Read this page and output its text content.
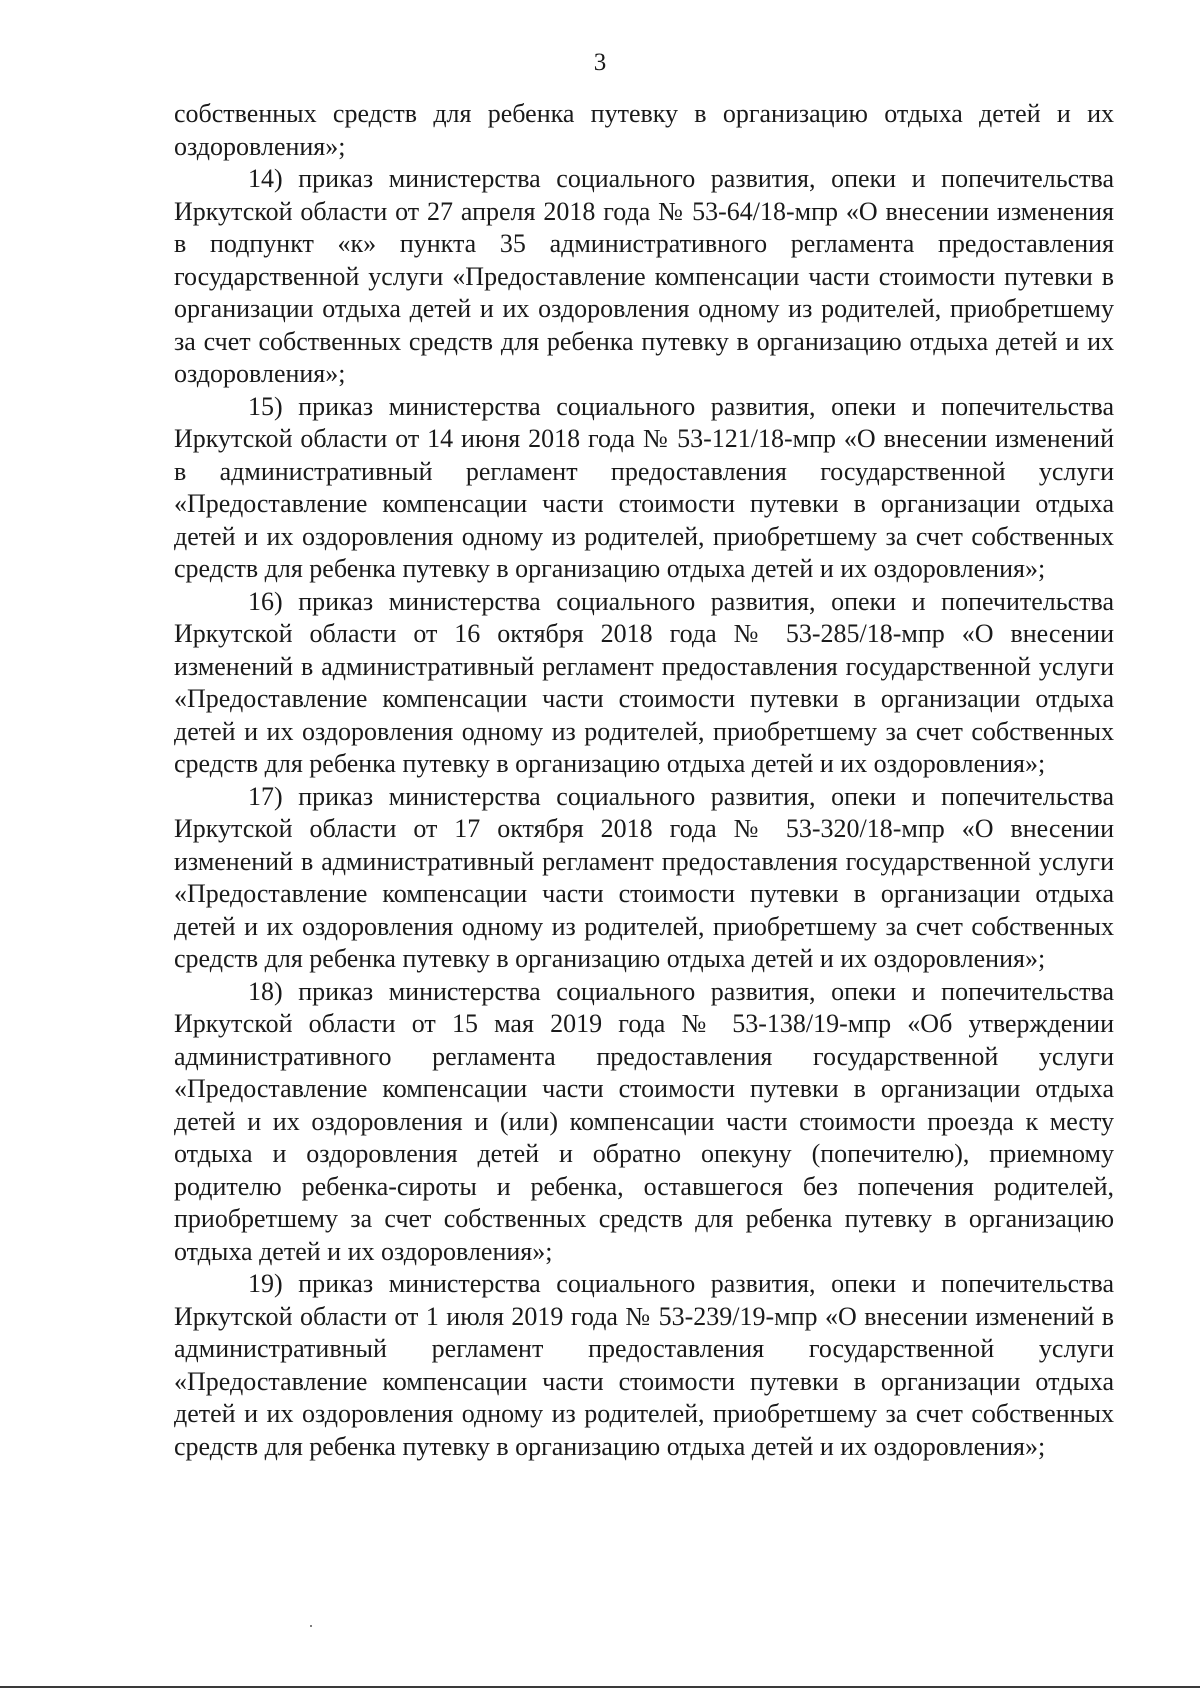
3

собственных средств для ребенка путевку в организацию отдыха детей и их оздоровления»;

14) приказ министерства социального развития, опеки и попечительства Иркутской области от 27 апреля 2018 года № 53-64/18-мпр «О внесении изменения в подпункт «к» пункта 35 административного регламента предоставления государственной услуги «Предоставление компенсации части стоимости путевки в организации отдыха детей и их оздоровления одному из родителей, приобретшему за счет собственных средств для ребенка путевку в организацию отдыха детей и их оздоровления»;

15) приказ министерства социального развития, опеки и попечительства Иркутской области от 14 июня 2018 года № 53-121/18-мпр «О внесении изменений в административный регламент предоставления государственной услуги «Предоставление компенсации части стоимости путевки в организации отдыха детей и их оздоровления одному из родителей, приобретшему за счет собственных средств для ребенка путевку в организацию отдыха детей и их оздоровления»;

16) приказ министерства социального развития, опеки и попечительства Иркутской области от 16 октября 2018 года № 53-285/18-мпр «О внесении изменений в административный регламент предоставления государственной услуги «Предоставление компенсации части стоимости путевки в организации отдыха детей и их оздоровления одному из родителей, приобретшему за счет собственных средств для ребенка путевку в организацию отдыха детей и их оздоровления»;

17) приказ министерства социального развития, опеки и попечительства Иркутской области от 17 октября 2018 года № 53-320/18-мпр «О внесении изменений в административный регламент предоставления государственной услуги «Предоставление компенсации части стоимости путевки в организации отдыха детей и их оздоровления одному из родителей, приобретшему за счет собственных средств для ребенка путевку в организацию отдыха детей и их оздоровления»;

18) приказ министерства социального развития, опеки и попечительства Иркутской области от 15 мая 2019 года № 53-138/19-мпр «Об утверждении административного регламента предоставления государственной услуги «Предоставление компенсации части стоимости путевки в организации отдыха детей и их оздоровления и (или) компенсации части стоимости проезда к месту отдыха и оздоровления детей и обратно опекуну (попечителю), приемному родителю ребенка-сироты и ребенка, оставшегося без попечения родителей, приобретшему за счет собственных средств для ребенка путевку в организацию отдыха детей и их оздоровления»;

19) приказ министерства социального развития, опеки и попечительства Иркутской области от 1 июля 2019 года № 53-239/19-мпр «О внесении изменений в административный регламент предоставления государственной услуги «Предоставление компенсации части стоимости путевки в организации отдыха детей и их оздоровления одному из родителей, приобретшему за счет собственных средств для ребенка путевку в организацию отдыха детей и их оздоровления»;
